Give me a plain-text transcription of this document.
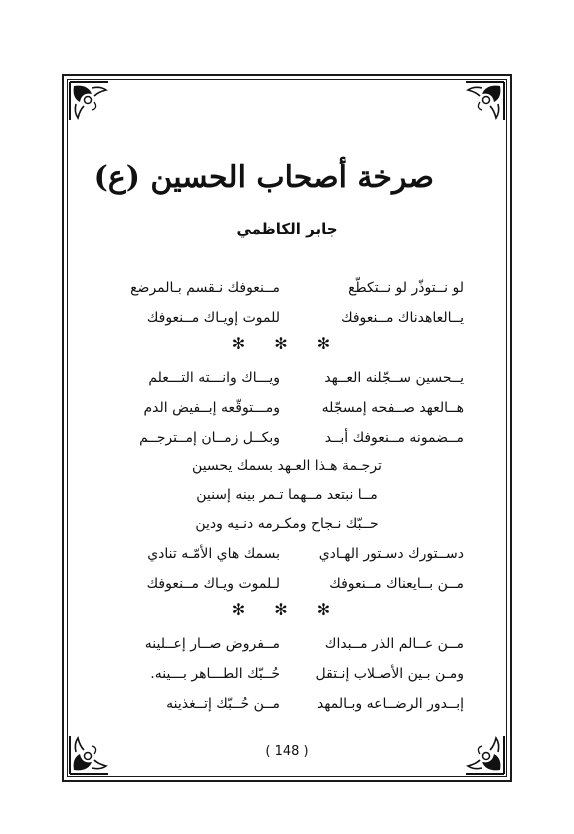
صرخة أصحاب الحسين (ع)
جابر الكاظمي
لو نــتوذّر لو نــتكطّع
مــنعوفك نـقسم بـالمرضع
يــالعاهدناك مــنعوفك
للموت إويـاك مــنعوفك
✻ ✻ ✻
يــحسين ســجّلنه العــهد
ويـــاك وانـــته التـــعلم
هــالعهد صــفحه إمسجّله
ومـــتوقّعه إبــفيض الدم
مــضمونه مــنعوفك أبــد
وبكــل زمــان إمــترجــم
ترجـمة هـذا العـهد بسمك يحسين
مــا نبتعد مــهما تـمر بينه إسنين
حــبّك نـجاح ومكـرمه دنـيه ودين
دســتورك دسـتور الهـادي
بسمك هاي الأمّـه تنادي
مــن بــايعناك مــنعوفك
لـلموت ويـاك مــنعوفك
✻ ✻ ✻
مــن عــالم الذر مــبداك
مــفروض صــار إعــلينه
ومـن بـين الأصـلاب إنـتقل
حُــبّك الطـــاهر بـــينه.
إبــدور الرضــاعه وبـالمهد
مــن حُــبّك إتــغذينه
( 148 )
